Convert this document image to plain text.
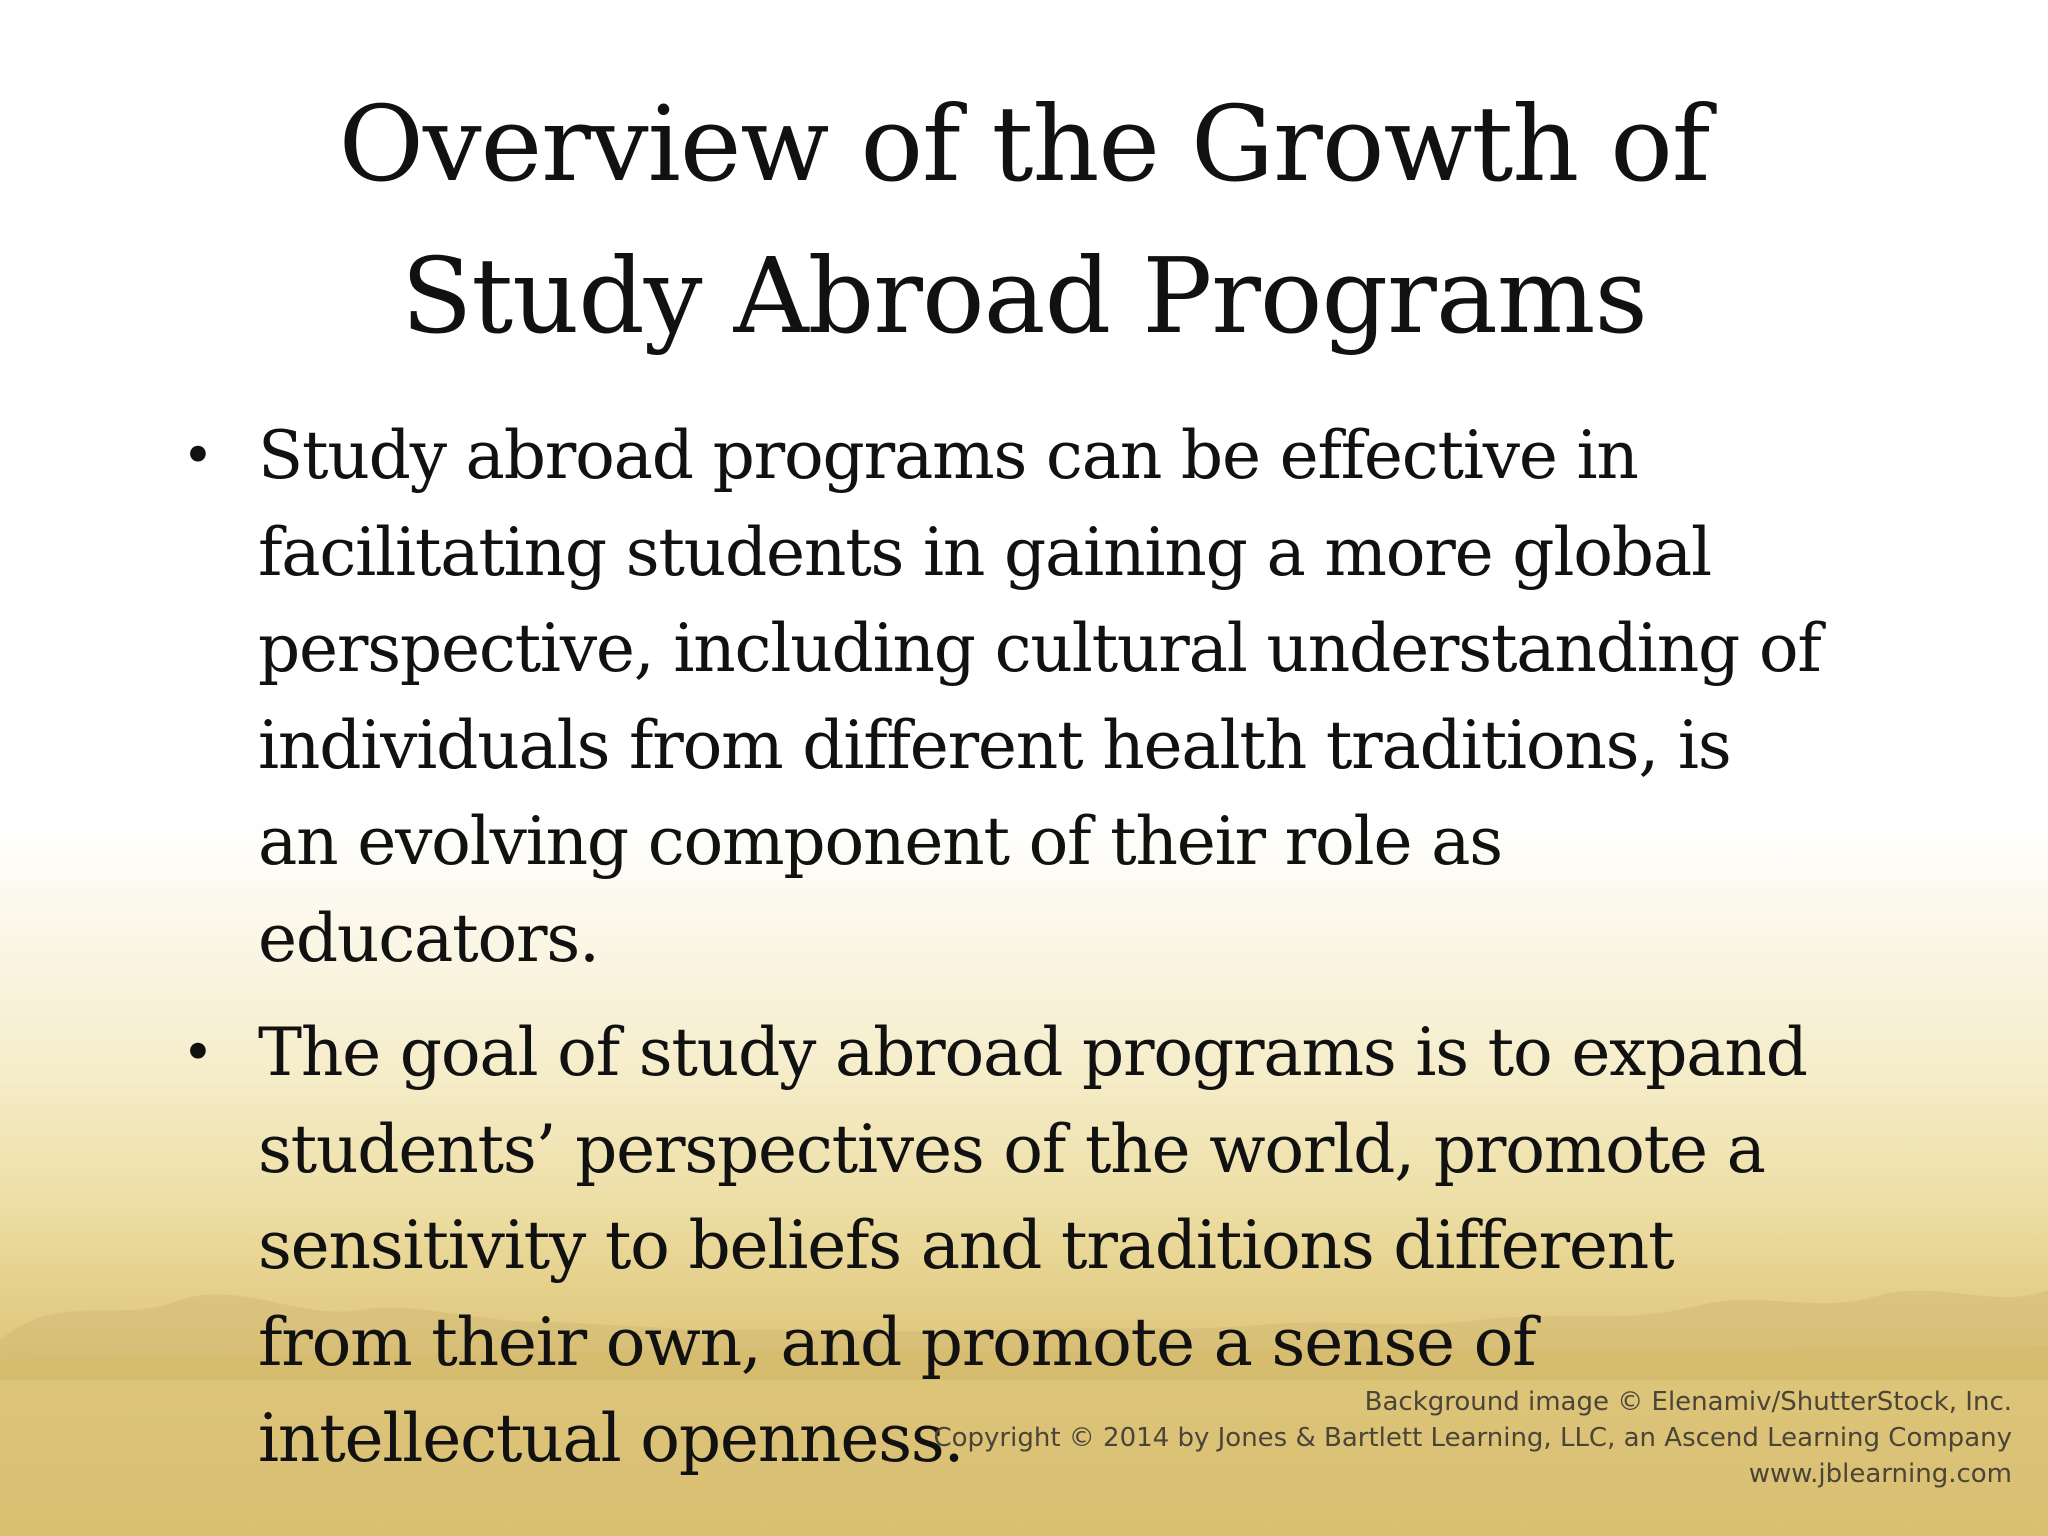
Overview of the Growth of
Study Abroad Programs
• Study abroad programs can be effective in facilitating students in gaining a more global perspective, including cultural understanding of individuals from different health traditions, is an evolving component of their role as educators.
• The goal of study abroad programs is to expand students’ perspectives of the world, promote a sensitivity to beliefs and traditions different from their own, and promote a sense of intellectual openness.	Background image © Elenamiv/ShutterStock, Inc.
Copyright © 2014 by Jones & Bartlett Learning, LLC, an Ascend Learning Company
www.jblearning.com
